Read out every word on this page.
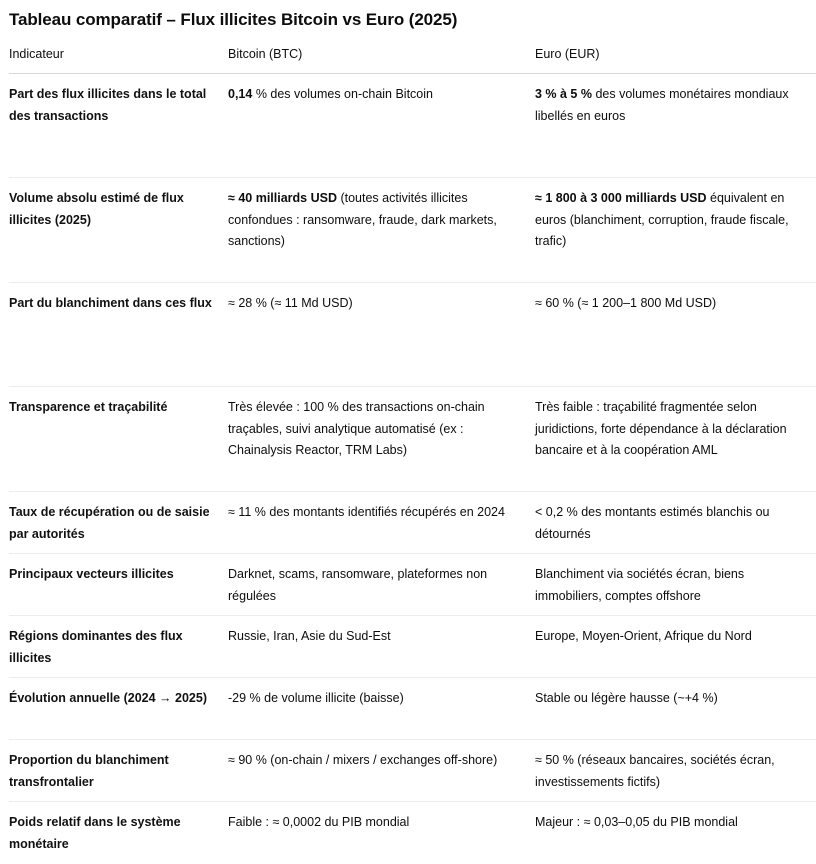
Tableau comparatif – Flux illicites Bitcoin vs Euro (2025)
Indicateur	Bitcoin (BTC)	Euro (EUR)
Part des flux illicites dans le total des transactions	0,14 % des volumes on-chain Bitcoin	3 % à 5 % des volumes monétaires mondiaux libellés en euros
Volume absolu estimé de flux illicites (2025)	≈ 40 milliards USD (toutes activités illicites confondues : ransomware, fraude, dark markets, sanctions)	≈ 1 800 à 3 000 milliards USD équivalent en euros (blanchiment, corruption, fraude fiscale, trafic)
Part du blanchiment dans ces flux	≈ 28 % (≈ 11 Md USD)	≈ 60 % (≈ 1 200–1 800 Md USD)
Transparence et traçabilité	Très élevée : 100 % des transactions on-chain traçables, suivi analytique automatisé (ex : Chainalysis Reactor, TRM Labs)	Très faible : traçabilité fragmentée selon juridictions, forte dépendance à la déclaration bancaire et à la coopération AML
Taux de récupération ou de saisie par autorités	≈ 11 % des montants identifiés récupérés en 2024	< 0,2 % des montants estimés blanchis ou détournés
Principaux vecteurs illicites	Darknet, scams, ransomware, plateformes non régulées	Blanchiment via sociétés écran, biens immobiliers, comptes offshore
Régions dominantes des flux illicites	Russie, Iran, Asie du Sud-Est	Europe, Moyen-Orient, Afrique du Nord
Évolution annuelle (2024 → 2025)	-29 % de volume illicite (baisse)	Stable ou légère hausse (~+4 %)
Proportion du blanchiment transfrontalier	≈ 90 % (on-chain / mixers / exchanges off-shore)	≈ 50 % (réseaux bancaires, sociétés écran, investissements fictifs)
Poids relatif dans le système monétaire	Faible : ≈ 0,0002 du PIB mondial	Majeur : ≈ 0,03–0,05 du PIB mondial
